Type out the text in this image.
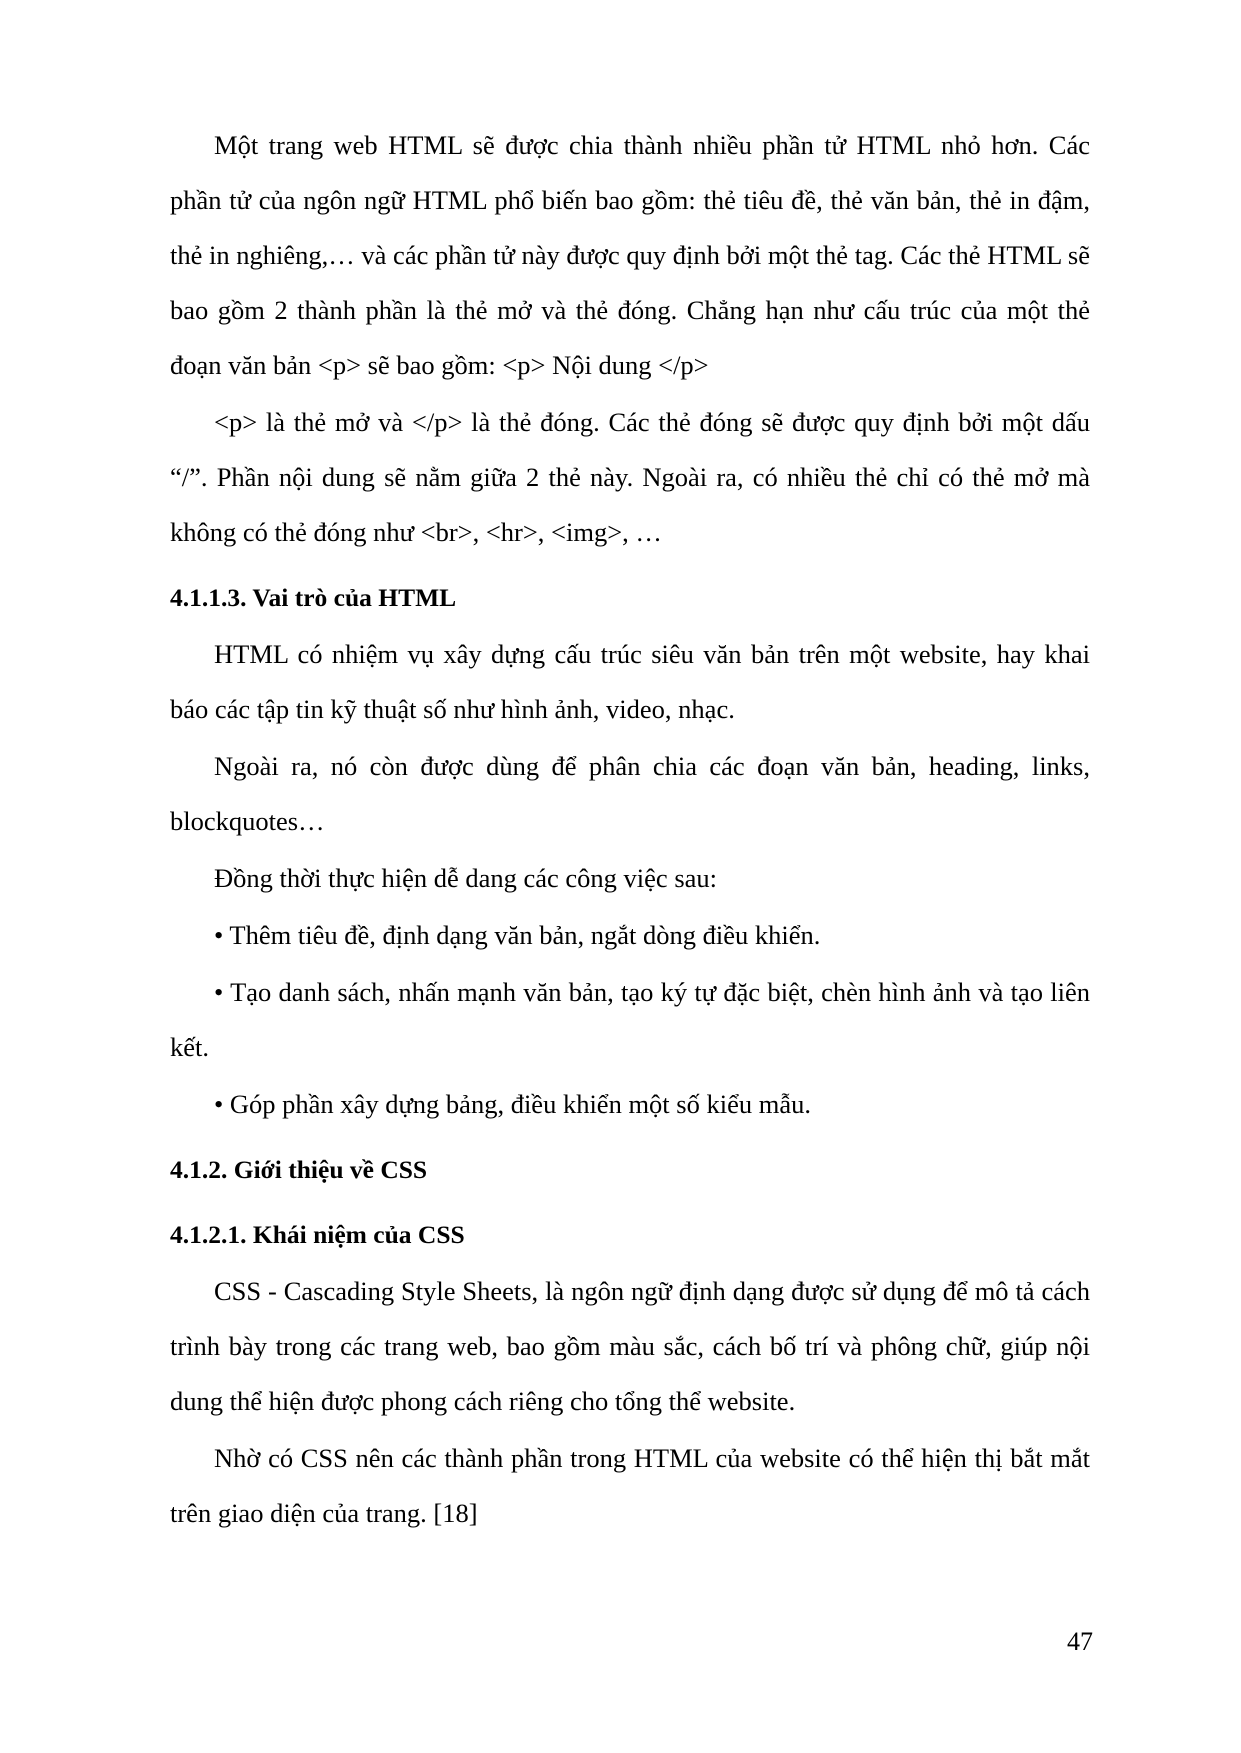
Một trang web HTML sẽ được chia thành nhiều phần tử HTML nhỏ hơn. Các phần tử của ngôn ngữ HTML phổ biến bao gồm: thẻ tiêu đề, thẻ văn bản, thẻ in đậm, thẻ in nghiêng,… và các phần tử này được quy định bởi một thẻ tag. Các thẻ HTML sẽ bao gồm 2 thành phần là thẻ mở và thẻ đóng. Chẳng hạn như cấu trúc của một thẻ đoạn văn bản <p> sẽ bao gồm: <p> Nội dung </p>

<p> là thẻ mở và </p> là thẻ đóng. Các thẻ đóng sẽ được quy định bởi một dấu “/”. Phần nội dung sẽ nằm giữa 2 thẻ này. Ngoài ra, có nhiều thẻ chỉ có thẻ mở mà không có thẻ đóng như <br>, <hr>, <img>, …

4.1.1.3. Vai trò của HTML

HTML có nhiệm vụ xây dựng cấu trúc siêu văn bản trên một website, hay khai báo các tập tin kỹ thuật số như hình ảnh, video, nhạc.

Ngoài ra, nó còn được dùng để phân chia các đoạn văn bản, heading, links, blockquotes…

Đồng thời thực hiện dễ dang các công việc sau:

• Thêm tiêu đề, định dạng văn bản, ngắt dòng điều khiển.

• Tạo danh sách, nhấn mạnh văn bản, tạo ký tự đặc biệt, chèn hình ảnh và tạo liên kết.

• Góp phần xây dựng bảng, điều khiển một số kiểu mẫu.

4.1.2. Giới thiệu về CSS
4.1.2.1. Khái niệm của CSS

CSS - Cascading Style Sheets, là ngôn ngữ định dạng được sử dụng để mô tả cách trình bày trong các trang web, bao gồm màu sắc, cách bố trí và phông chữ, giúp nội dung thể hiện được phong cách riêng cho tổng thể website.

Nhờ có CSS nên các thành phần trong HTML của website có thể hiện thị bắt mắt trên giao diện của trang. [18]

47
